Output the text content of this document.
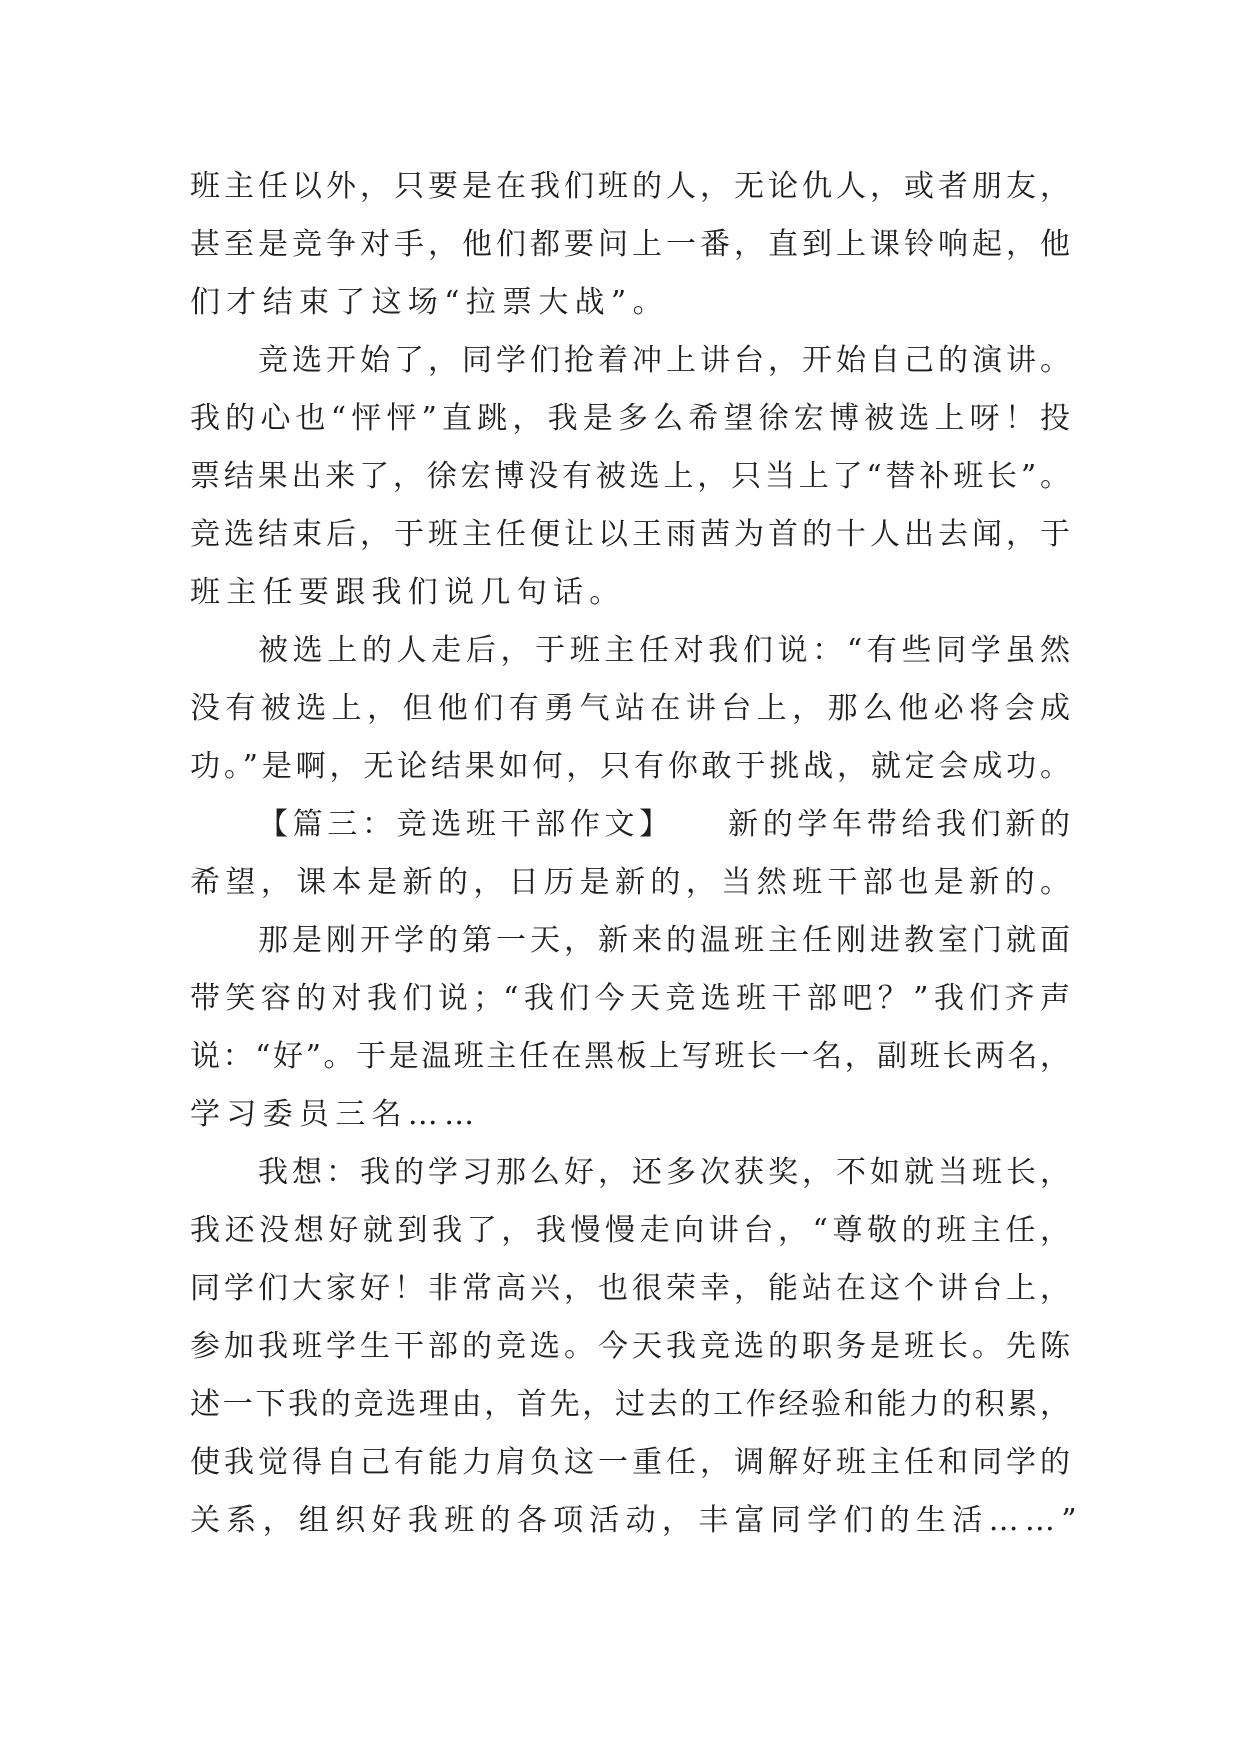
班主任以外，只要是在我们班的人，无论仇人，或者朋友，
甚至是竞争对手，他们都要问上一番，直到上课铃响起，他
们才结束了这场“拉票大战”。
竞选开始了，同学们抢着冲上讲台，开始自己的演讲。
我的心也“怦怦”直跳，我是多么希望徐宏博被选上呀！投
票结果出来了，徐宏博没有被选上，只当上了“替补班长”。
竞选结束后，于班主任便让以王雨茜为首的十人出去闻，于
班主任要跟我们说几句话。
被选上的人走后，于班主任对我们说：“有些同学虽然
没有被选上，但他们有勇气站在讲台上，那么他必将会成
功。”是啊，无论结果如何，只有你敢于挑战，就定会成功。
【篇三：竞选班干部作文】　　新的学年带给我们新的
希望，课本是新的，日历是新的，当然班干部也是新的。
那是刚开学的第一天，新来的温班主任刚进教室门就面
带笑容的对我们说；“我们今天竞选班干部吧？”我们齐声
说：“好”。于是温班主任在黑板上写班长一名，副班长两名，
学习委员三名……
我想：我的学习那么好，还多次获奖，不如就当班长，
我还没想好就到我了，我慢慢走向讲台，“尊敬的班主任，
同学们大家好！非常高兴，也很荣幸，能站在这个讲台上，
参加我班学生干部的竞选。今天我竞选的职务是班长。先陈
述一下我的竞选理由，首先，过去的工作经验和能力的积累，
使我觉得自己有能力肩负这一重任，调解好班主任和同学的
关系，组织好我班的各项活动，丰富同学们的生活……”
